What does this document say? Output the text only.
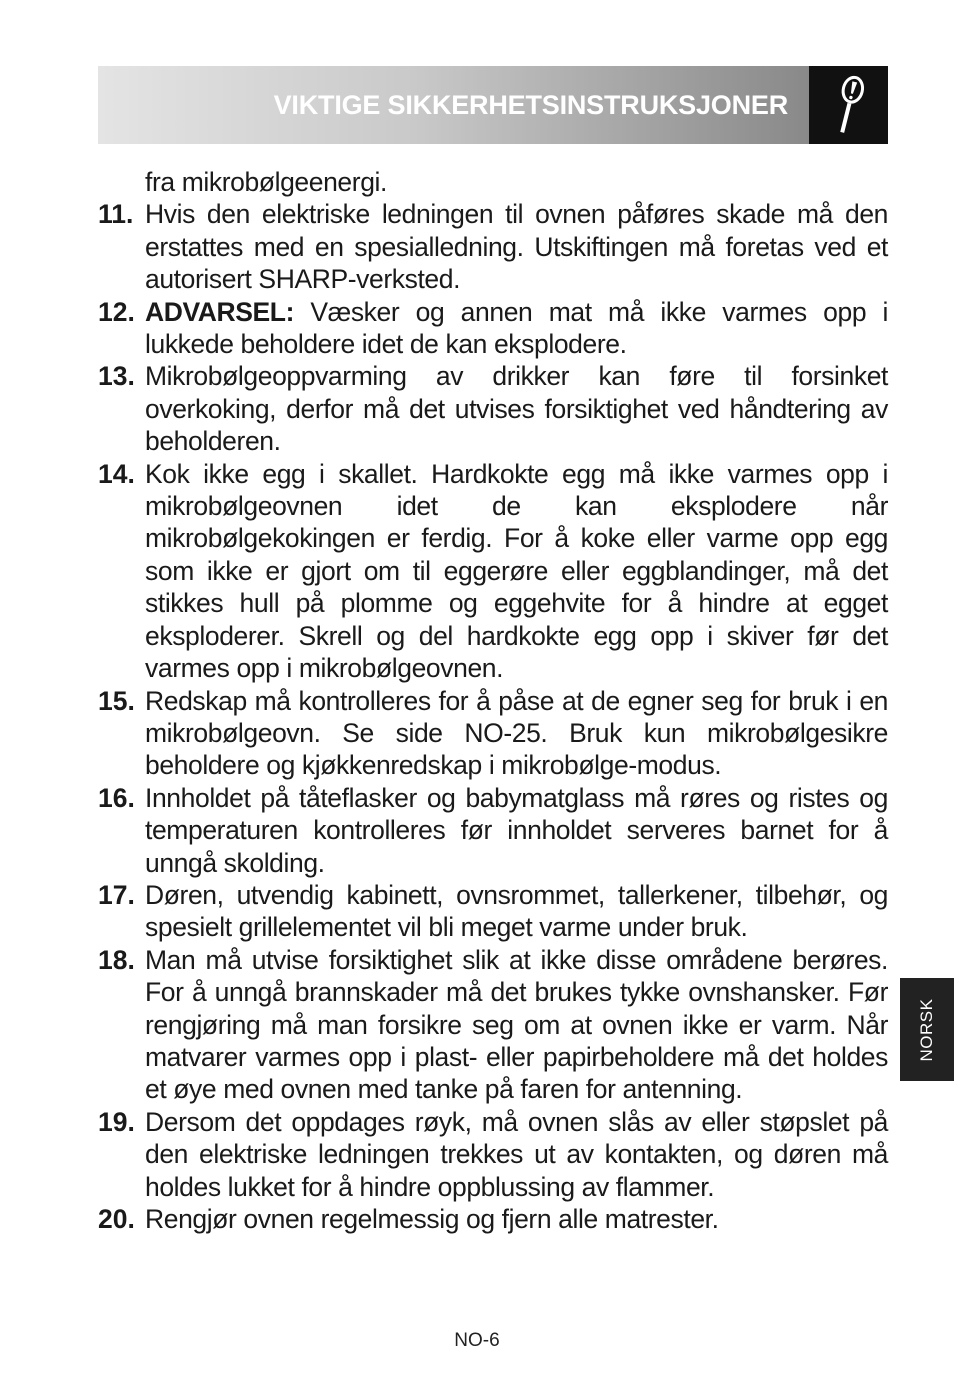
VIKTIGE SIKKERHETSINSTRUKSJONER

fra mikrobølgeenergi.

11. Hvis den elektriske ledningen til ovnen påføres skade må den erstattes med en spesialledning. Utskiftingen må foretas ved et autorisert SHARP-verksted.
12. ADVARSEL: Væsker og annen mat må ikke varmes opp i lukkede beholdere idet de kan eksplodere.
13. Mikrobølgeoppvarming av drikker kan føre til forsinket overkoking, derfor må det utvises forsiktighet ved håndtering av beholderen.
14. Kok ikke egg i skallet. Hardkokte egg må ikke varmes opp i mikrobølgeovnen idet de kan eksplodere når mikrobølgekokingen er ferdig. For å koke eller varme opp egg som ikke er gjort om til eggerøre eller eggblandinger, må det stikkes hull på plomme og eggehvite for å hindre at egget eksploderer. Skrell og del hardkokte egg opp i skiver før det varmes opp i mikrobølgeovnen.
15. Redskap må kontrolleres for å påse at de egner seg for bruk i en mikrobølgeovn. Se side NO-25. Bruk kun mikrobølgesikre beholdere og kjøkkenredskap i mikrobølge-modus.
16. Innholdet på tåteflasker og babymatglass må røres og ristes og temperaturen kontrolleres før innholdet serveres barnet for å unngå skolding.
17. Døren, utvendig kabinett, ovnsrommet, tallerkener, tilbehør, og spesielt grillelementet vil bli meget varme under bruk.
18. Man må utvise forsiktighet slik at ikke disse områdene berøres. For å unngå brannskader må det brukes tykke ovnshansker. Før rengjøring må man forsikre seg om at ovnen ikke er varm. Når matvarer varmes opp i plast- eller papirbeholdere må det holdes et øye med ovnen med tanke på faren for antenning.
19. Dersom det oppdages røyk, må ovnen slås av eller støpslet på den elektriske ledningen trekkes ut av kontakten, og døren må holdes lukket for å hindre oppblussing av flammer.
20. Rengjør ovnen regelmessig og fjern alle matrester.
NORSK
NO-6
